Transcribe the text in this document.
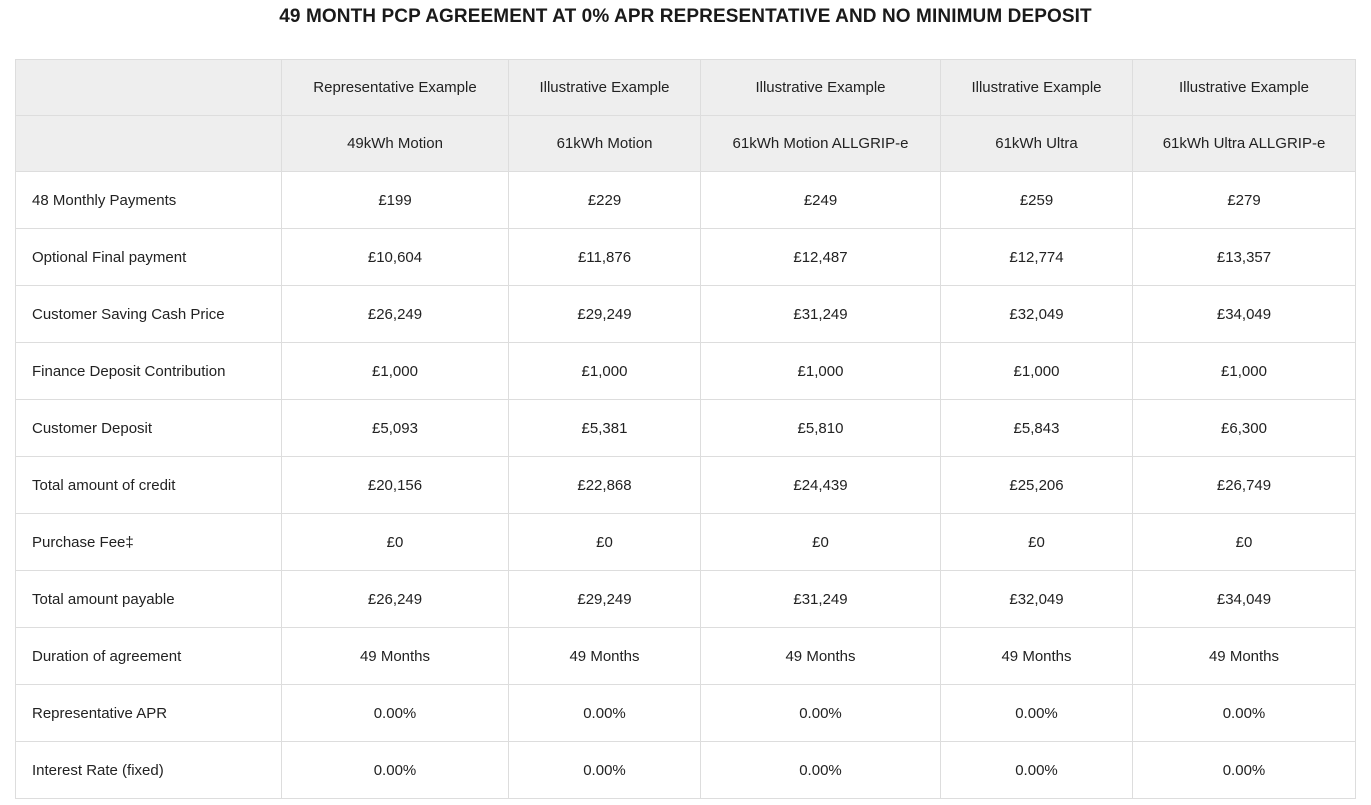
49 MONTH PCP AGREEMENT AT 0% APR REPRESENTATIVE AND NO MINIMUM DEPOSIT
	Representative Example	Illustrative Example	Illustrative Example	Illustrative Example	Illustrative Example
	49kWh Motion	61kWh Motion	61kWh Motion ALLGRIP-e	61kWh Ultra	61kWh Ultra ALLGRIP-e
48 Monthly Payments	£199	£229	£249	£259	£279
Optional Final payment	£10,604	£11,876	£12,487	£12,774	£13,357
Customer Saving Cash Price	£26,249	£29,249	£31,249	£32,049	£34,049
Finance Deposit Contribution	£1,000	£1,000	£1,000	£1,000	£1,000
Customer Deposit	£5,093	£5,381	£5,810	£5,843	£6,300
Total amount of credit	£20,156	£22,868	£24,439	£25,206	£26,749
Purchase Fee‡	£0	£0	£0	£0	£0
Total amount payable	£26,249	£29,249	£31,249	£32,049	£34,049
Duration of agreement	49 Months	49 Months	49 Months	49 Months	49 Months
Representative APR	0.00%	0.00%	0.00%	0.00%	0.00%
Interest Rate (fixed)	0.00%	0.00%	0.00%	0.00%	0.00%
